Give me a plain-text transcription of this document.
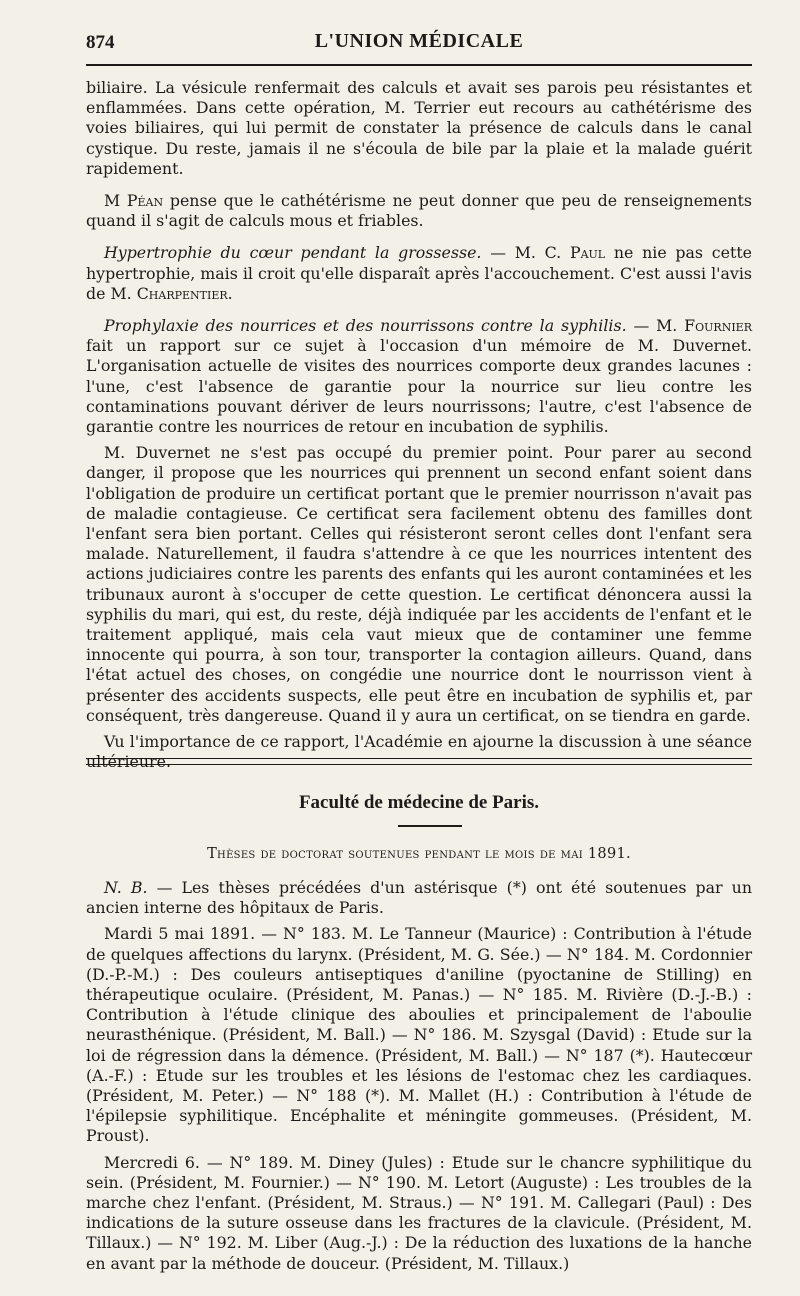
874	L'UNION MÉDICALE

biliaire. La vésicule renfermait des calculs et avait ses parois peu résistantes et enflammées. Dans cette opération, M. Terrier eut recours au cathétérisme des voies biliaires, qui lui permit de constater la présence de calculs dans le canal cystique. Du reste, jamais il ne s'écoula de bile par la plaie et la malade guérit rapidement.

M Péan pense que le cathétérisme ne peut donner que peu de renseignements quand il s'agit de calculs mous et friables.

Hypertrophie du cœur pendant la grossesse. — M. C. Paul ne nie pas cette hypertrophie, mais il croit qu'elle disparaît après l'accouchement. C'est aussi l'avis de M. Charpentier.

Prophylaxie des nourrices et des nourrissons contre la syphilis. — M. Fournier fait un rapport sur ce sujet à l'occasion d'un mémoire de M. Duvernet. L'organisation actuelle de visites des nourrices comporte deux grandes lacunes : l'une, c'est l'absence de garantie pour la nourrice sur lieu contre les contaminations pouvant dériver de leurs nourrissons; l'autre, c'est l'absence de garantie contre les nourrices de retour en incubation de syphilis.

M. Duvernet ne s'est pas occupé du premier point. Pour parer au second danger, il propose que les nourrices qui prennent un second enfant soient dans l'obligation de produire un certificat portant que le premier nourrisson n'avait pas de maladie contagieuse. Ce certificat sera facilement obtenu des familles dont l'enfant sera bien portant. Celles qui résisteront seront celles dont l'enfant sera malade. Naturellement, il faudra s'attendre à ce que les nourrices intentent des actions judiciaires contre les parents des enfants qui les auront contaminées et les tribunaux auront à s'occuper de cette question. Le certificat dénoncera aussi la syphilis du mari, qui est, du reste, déjà indiquée par les accidents de l'enfant et le traitement appliqué, mais cela vaut mieux que de contaminer une femme innocente qui pourra, à son tour, transporter la contagion ailleurs. Quand, dans l'état actuel des choses, on congédie une nourrice dont le nourrisson vient à présenter des accidents suspects, elle peut être en incubation de syphilis et, par conséquent, très dangereuse. Quand il y aura un certificat, on se tiendra en garde.

Vu l'importance de ce rapport, l'Académie en ajourne la discussion à une séance ultérieure.

Faculté de médecine de Paris.
Thèses de doctorat soutenues pendant le mois de mai 1891.

N. B. — Les thèses précédées d'un astérisque (*) ont été soutenues par un ancien interne des hôpitaux de Paris.

Mardi 5 mai 1891. — N° 183. M. Le Tanneur (Maurice) : Contribution à l'étude de quelques affections du larynx. (Président, M. G. Sée.) — N° 184. M. Cordonnier (D.-P.-M.) : Des couleurs antiseptiques d'aniline (pyoctanine de Stilling) en thérapeutique oculaire. (Président, M. Panas.) — N° 185. M. Rivière (D.-J.-B.) : Contribution à l'étude clinique des aboulies et principalement de l'aboulie neurasthénique. (Président, M. Ball.) — N° 186. M. Szysgal (David) : Etude sur la loi de régression dans la démence. (Président, M. Ball.) — N° 187 (*). Hautecœur (A.-F.) : Etude sur les troubles et les lésions de l'estomac chez les cardiaques. (Président, M. Peter.) — N° 188 (*). M. Mallet (H.) : Contribution à l'étude de l'épilepsie syphilitique. Encéphalite et méningite gommeuses. (Président, M. Proust).

Mercredi 6. — N° 189. M. Diney (Jules) : Etude sur le chancre syphilitique du sein. (Président, M. Fournier.) — N° 190. M. Letort (Auguste) : Les troubles de la marche chez l'enfant. (Président, M. Straus.) — N° 191. M. Callegari (Paul) : Des indications de la suture osseuse dans les fractures de la clavicule. (Président, M. Tillaux.) — N° 192. M. Liber (Aug.-J.) : De la réduction des luxations de la hanche en avant par la méthode de douceur. (Président, M. Tillaux.)
